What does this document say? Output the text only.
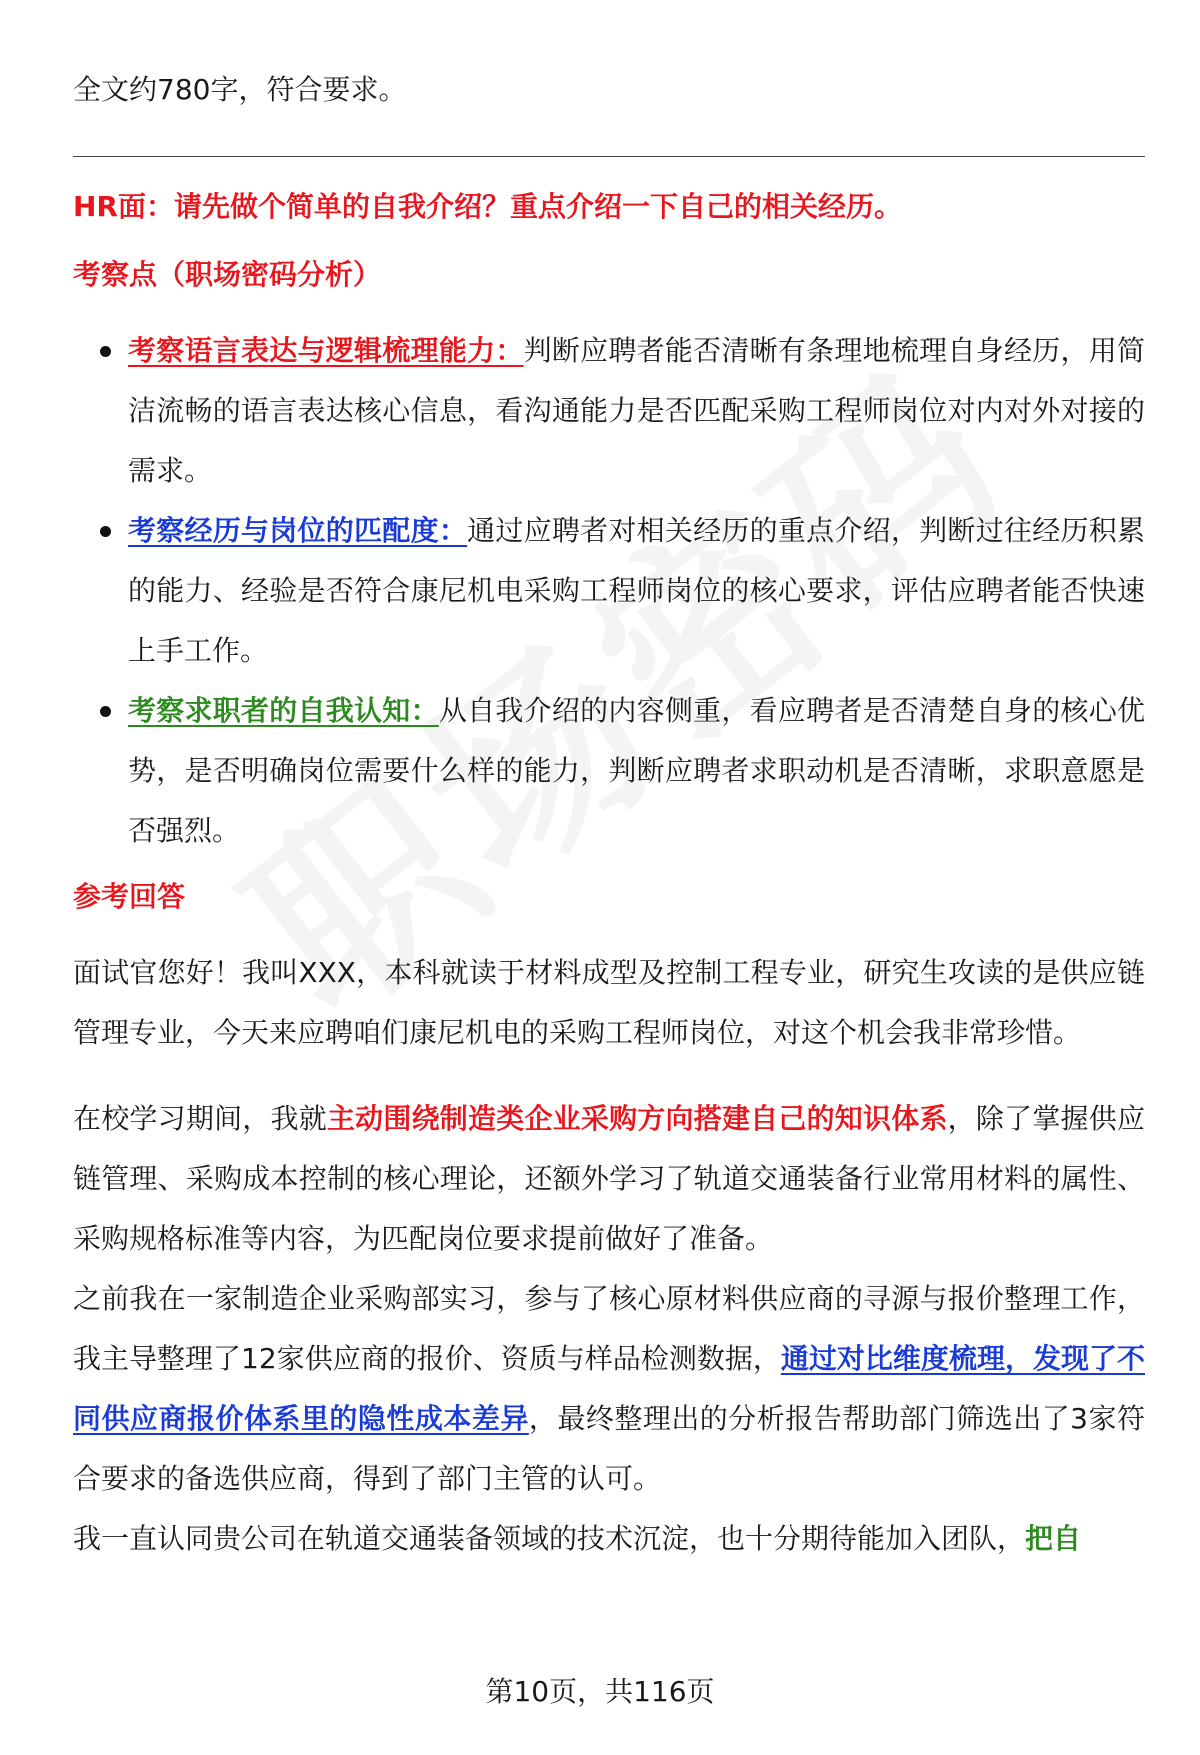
全文约780字，符合要求。

HR面：请先做个简单的自我介绍？重点介绍一下自己的相关经历。

考察点（职场密码分析）

考察语言表达与逻辑梳理能力：判断应聘者能否清晰有条理地梳理自身经历，用简洁流畅的语言表达核心信息，看沟通能力是否匹配采购工程师岗位对内对外对接的需求。
考察经历与岗位的匹配度：通过应聘者对相关经历的重点介绍，判断过往经历积累的能力、经验是否符合康尼机电采购工程师岗位的核心要求，评估应聘者能否快速上手工作。
考察求职者的自我认知：从自我介绍的内容侧重，看应聘者是否清楚自身的核心优势，是否明确岗位需要什么样的能力，判断应聘者求职动机是否清晰，求职意愿是否强烈。

参考回答

面试官您好！我叫XXX，本科就读于材料成型及控制工程专业，研究生攻读的是供应链管理专业，今天来应聘咱们康尼机电的采购工程师岗位，对这个机会我非常珍惜。

在校学习期间，我就主动围绕制造类企业采购方向搭建自己的知识体系，除了掌握供应链管理、采购成本控制的核心理论，还额外学习了轨道交通装备行业常用材料的属性、采购规格标准等内容，为匹配岗位要求提前做好了准备。

之前我在一家制造企业采购部实习，参与了核心原材料供应商的寻源与报价整理工作，我主导整理了12家供应商的报价、资质与样品检测数据，通过对比维度梳理，发现了不同供应商报价体系里的隐性成本差异，最终整理出的分析报告帮助部门筛选出了3家符合要求的备选供应商，得到了部门主管的认可。

我一直认同贵公司在轨道交通装备领域的技术沉淀，也十分期待能加入团队，把自

第10页，共116页
